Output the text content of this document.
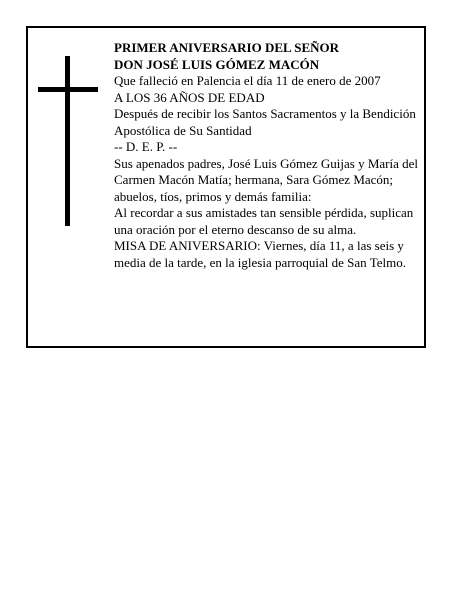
PRIMER ANIVERSARIO DEL SEÑOR

DON JOSÉ LUIS GÓMEZ MACÓN

Que falleció en Palencia el día 11 de enero de 2007

A LOS 36 AÑOS DE EDAD

Después de recibir los Santos Sacramentos y la Bendición Apostólica de Su Santidad

-- D. E. P. --

Sus apenados padres, José Luis Gómez Guijas y María del Carmen Macón Matía; hermana, Sara Gómez Macón; abuelos, tíos, primos y demás familia:

Al recordar a sus amistades tan sensible pérdida, suplican una oración por el eterno descanso de su alma.

MISA DE ANIVERSARIO: Viernes, día 11, a las seis y media de la tarde, en la iglesia parroquial de San Telmo.
